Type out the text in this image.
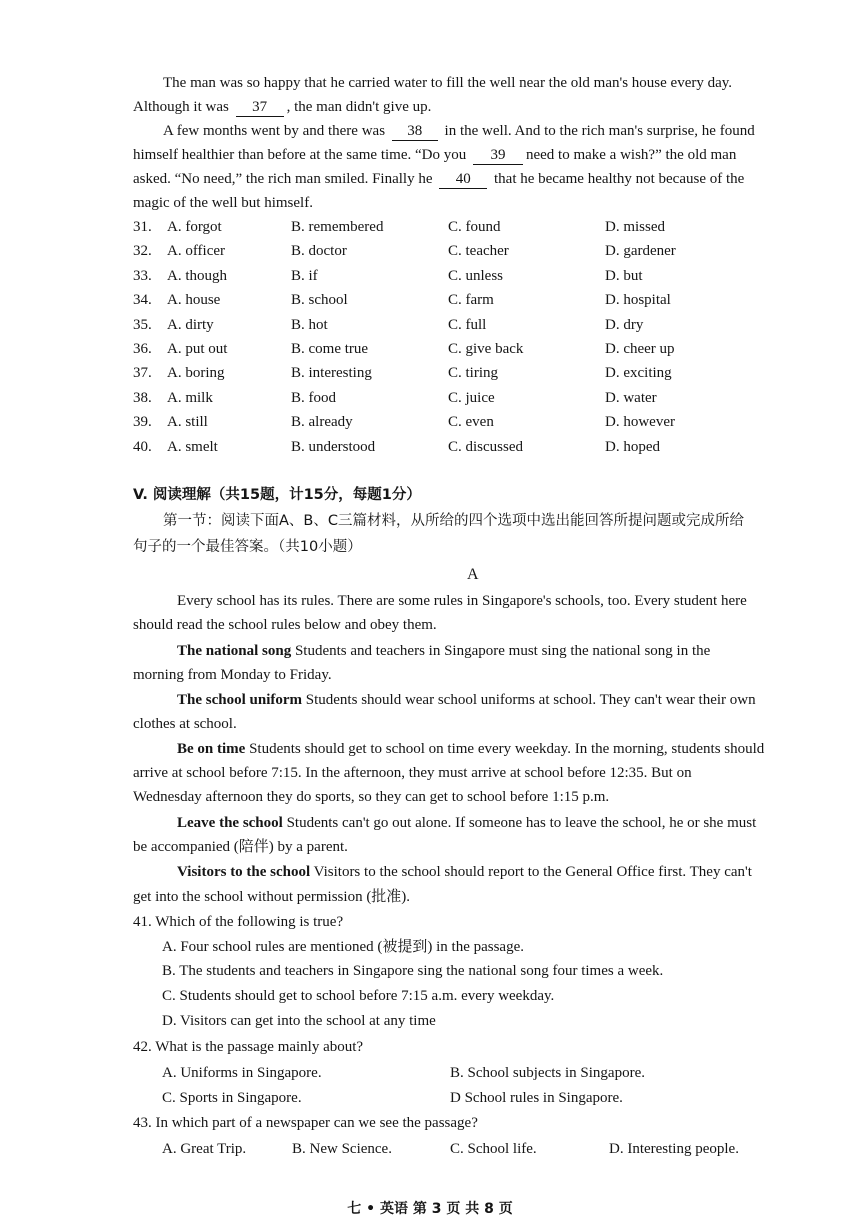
The man was so happy that he carried water to fill the well near the old man's house every day.
Although it was 37 , the man didn't give up.
A few months went by and there was 38 in the well. And to the rich man's surprise, he found
himself healthier than before at the same time. “Do you 39 need to make a wish?” the old man
asked. “No need,” the rich man smiled. Finally he 40 that he became healthy not because of the
magic of the well but himself.
31. A. forgot	B. remembered	C. found	D. missed
32. A. officer	B. doctor	C. teacher	D. gardener
33. A. though	B. if	C. unless	D. but
34. A. house	B. school	C. farm	D. hospital
35. A. dirty	B. hot	C. full	D. dry
36. A. put out	B. come true	C. give back	D. cheer up
37. A. boring	B. interesting	C. tiring	D. exciting
38. A. milk	B. food	C. juice	D. water
39. A. still	B. already	C. even	D. however
40. A. smelt	B. understood	C. discussed	D. hoped
V. 阅读理解（共15题，计15分，每题1分）
第一节：阅读下面A、B、C三篇材料，从所给的四个选项中选出能回答所提问题或完成所给
句子的一个最佳答案。（共10小题）
A
Every school has its rules. There are some rules in Singapore's schools, too. Every student here
should read the school rules below and obey them.
The national song Students and teachers in Singapore must sing the national song in the
morning from Monday to Friday.
The school uniform Students should wear school uniforms at school. They can't wear their own
clothes at school.
Be on time Students should get to school on time every weekday. In the morning, students should
arrive at school before 7:15. In the afternoon, they must arrive at school before 12:35. But on
Wednesday afternoon they do sports, so they can get to school before 1:15 p.m.
Leave the school Students can't go out alone. If someone has to leave the school, he or she must
be accompanied (陪伴) by a parent.
Visitors to the school Visitors to the school should report to the General Office first. They can't
get into the school without permission (批准).
41. Which of the following is true?
A. Four school rules are mentioned (被提到) in the passage.
B. The students and teachers in Singapore sing the national song four times a week.
C. Students should get to school before 7:15 a.m. every weekday.
D. Visitors can get into the school at any time
42. What is the passage mainly about?
A. Uniforms in Singapore.	B. School subjects in Singapore.
C. Sports in Singapore.	D School rules in Singapore.
43. In which part of a newspaper can we see the passage?
A. Great Trip.	B. New Science.	C. School life.	D. Interesting people.
七 • 英语 第 3 页 共 8 页
